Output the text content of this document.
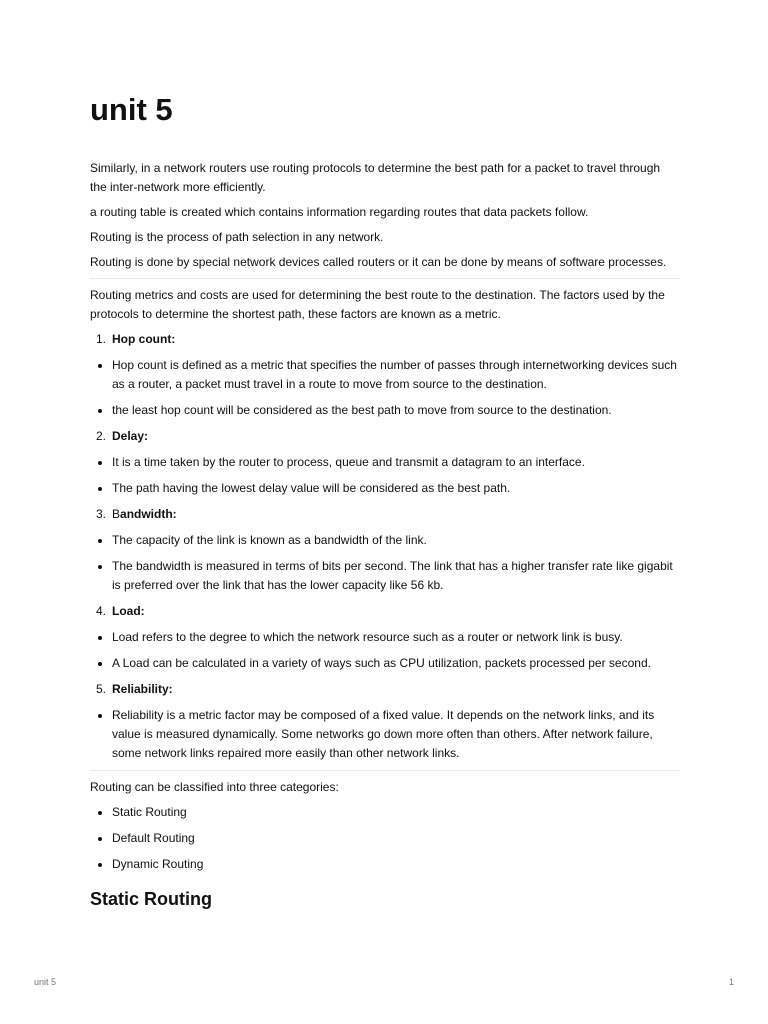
unit 5

Similarly, in a network routers use routing protocols to determine the best path for a packet to travel through the inter-network more efficiently.

a routing table is created which contains information regarding routes that data packets follow.

Routing is the process of path selection in any network.

Routing is done by special network devices called routers or it can be done by means of software processes.

Routing metrics and costs are used for determining the best route to the destination. The factors used by the protocols to determine the shortest path, these factors are known as a metric.

1. Hop count:
Hop count is defined as a metric that specifies the number of passes through internetworking devices such as a router, a packet must travel in a route to move from source to the destination.
the least hop count will be considered as the best path to move from source to the destination.
2. Delay:
It is a time taken by the router to process, queue and transmit a datagram to an interface.
The path having the lowest delay value will be considered as the best path.
3. Bandwidth:
The capacity of the link is known as a bandwidth of the link.
The bandwidth is measured in terms of bits per second. The link that has a higher transfer rate like gigabit is preferred over the link that has the lower capacity like 56 kb.
4. Load:
Load refers to the degree to which the network resource such as a router or network link is busy.
A Load can be calculated in a variety of ways such as CPU utilization, packets processed per second.
5. Reliability:
Reliability is a metric factor may be composed of a fixed value. It depends on the network links, and its value is measured dynamically. Some networks go down more often than others. After network failure, some network links repaired more easily than other network links.

Routing can be classified into three categories:

Static Routing
Default Routing
Dynamic Routing
Static Routing
unit 5	1
